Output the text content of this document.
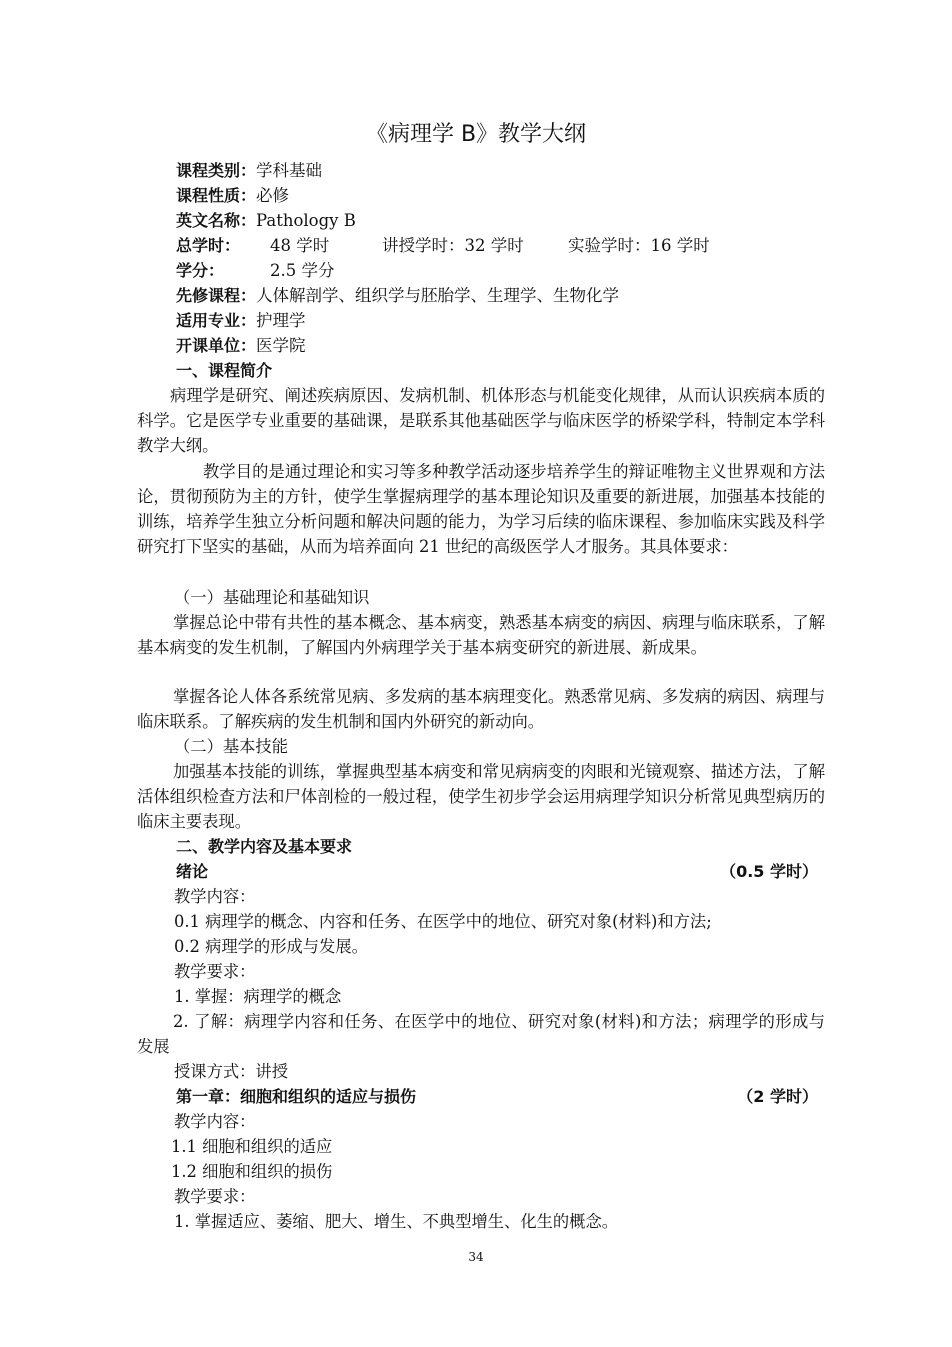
《病理学 B》教学大纲
课程类别：学科基础
课程性质：必修
英文名称：Pathology B
总学时： 48 学时	讲授学时：32 学时	实验学时：16 学时
学分：	2.5 学分
先修课程：人体解剖学、组织学与胚胎学、生理学、生物化学
适用专业：护理学
开课单位：医学院
一、课程简介
病理学是研究、阐述疾病原因、发病机制、机体形态与机能变化规律，从而认识疾病本质的科学。它是医学专业重要的基础课，是联系其他基础医学与临床医学的桥梁学科，特制定本学科教学大纲。
教学目的是通过理论和实习等多种教学活动逐步培养学生的辩证唯物主义世界观和方法论，贯彻预防为主的方针，使学生掌握病理学的基本理论知识及重要的新进展，加强基本技能的训练，培养学生独立分析问题和解决问题的能力，为学习后续的临床课程、参加临床实践及科学研究打下坚实的基础，从而为培养面向 21 世纪的高级医学人才服务。其具体要求：
（一）基础理论和基础知识
掌握总论中带有共性的基本概念、基本病变，熟悉基本病变的病因、病理与临床联系，了解基本病变的发生机制，了解国内外病理学关于基本病变研究的新进展、新成果。
掌握各论人体各系统常见病、多发病的基本病理变化。熟悉常见病、多发病的病因、病理与临床联系。了解疾病的发生机制和国内外研究的新动向。
（二）基本技能
加强基本技能的训练，掌握典型基本病变和常见病病变的肉眼和光镜观察、描述方法，了解活体组织检查方法和尸体剖检的一般过程，使学生初步学会运用病理学知识分析常见典型病历的临床主要表现。
二、教学内容及基本要求
绪论	（0.5 学时）
教学内容：
0.1 病理学的概念、内容和任务、在医学中的地位、研究对象(材料)和方法;
0.2 病理学的形成与发展。
教学要求：
1. 掌握：病理学的概念
2. 了解：病理学内容和任务、在医学中的地位、研究对象(材料)和方法；病理学的形成与发展
授课方式：讲授
第一章：细胞和组织的适应与损伤	（2 学时）
教学内容：
1.1 细胞和组织的适应
1.2 细胞和组织的损伤
教学要求：
1. 掌握适应、萎缩、肥大、增生、不典型增生、化生的概念。
34
